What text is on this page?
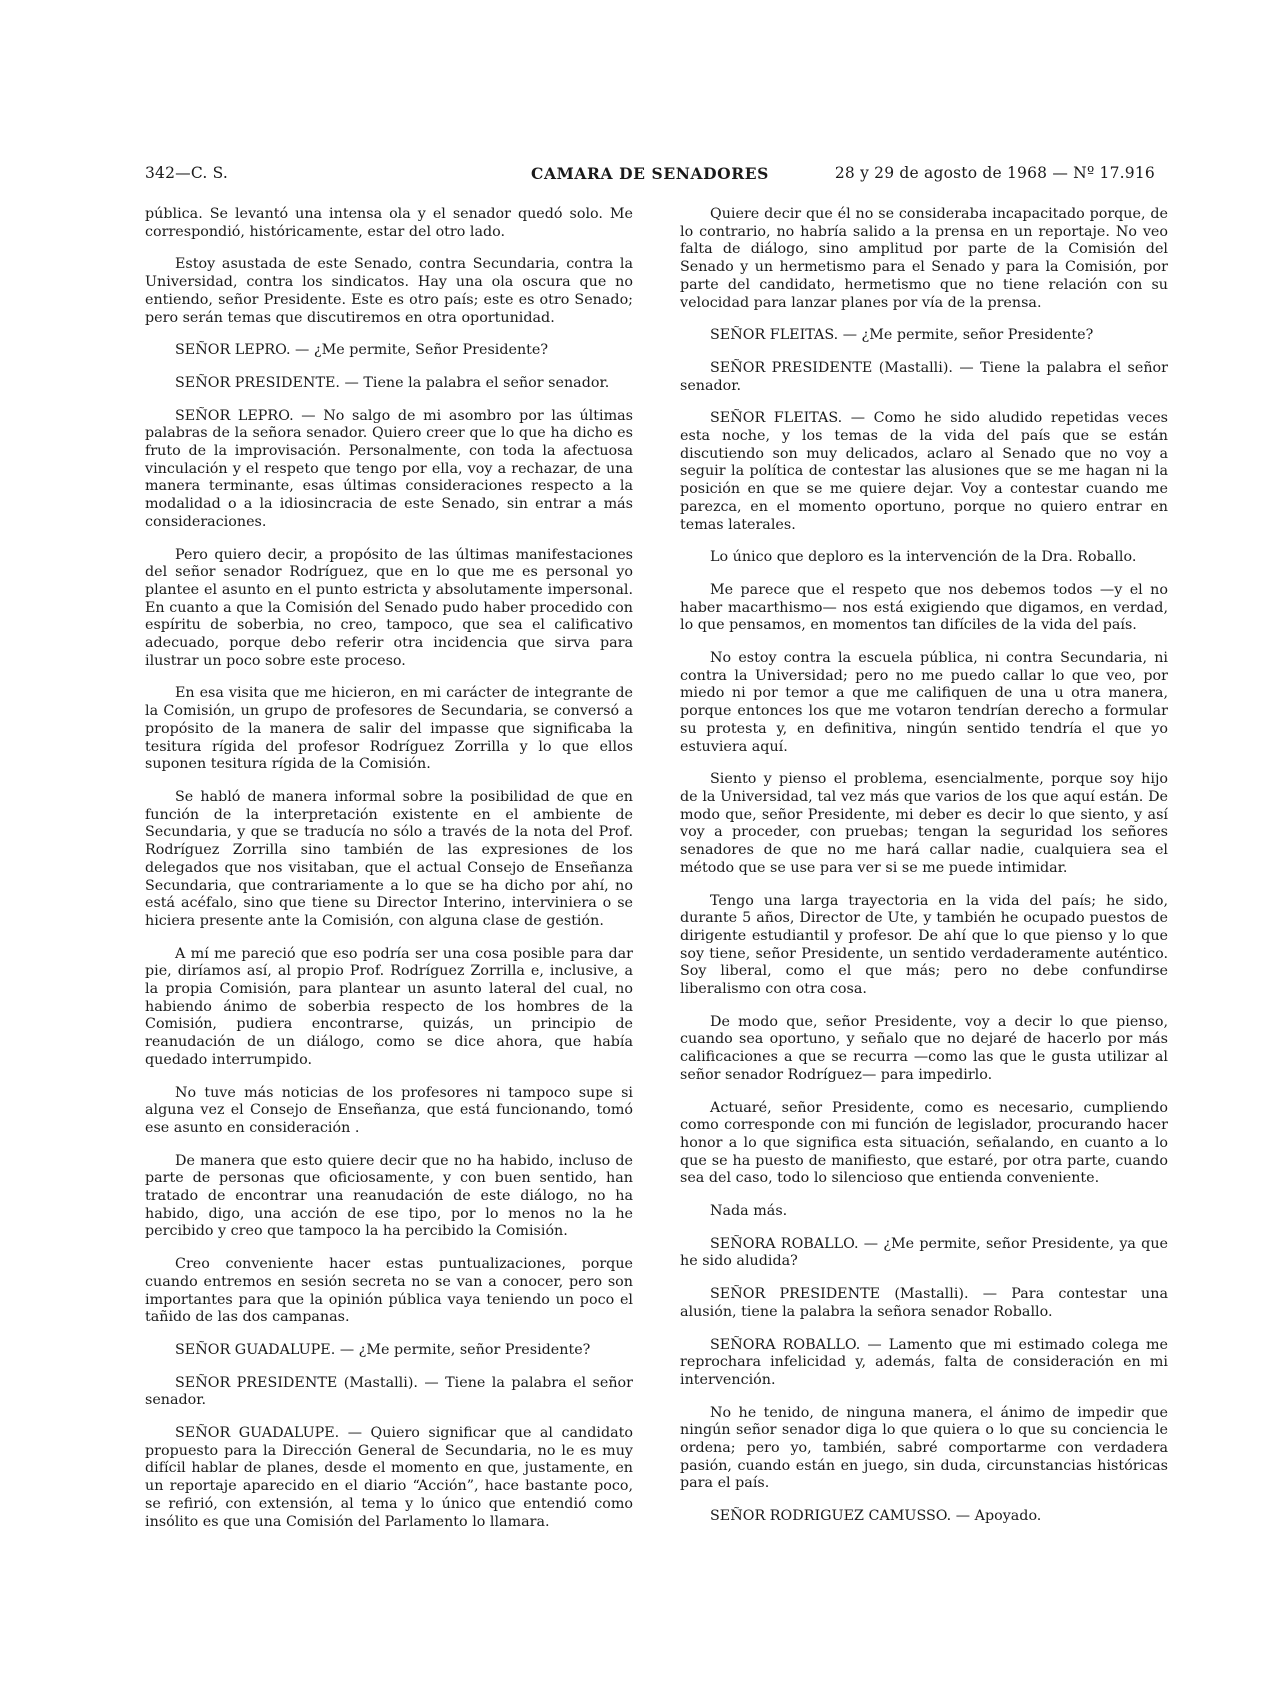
342—C. S.	CAMARA DE SENADORES	28 y 29 de agosto de 1968 — Nº 17.916

pública. Se levantó una intensa ola y el senador quedó solo. Me correspondió, históricamente, estar del otro lado.

Estoy asustada de este Senado, contra Secundaria, contra la Universidad, contra los sindicatos. Hay una ola oscura que no entiendo, señor Presidente. Este es otro país; este es otro Senado; pero serán temas que discutiremos en otra oportunidad.

SEÑOR LEPRO. — ¿Me permite, Señor Presidente?

SEÑOR PRESIDENTE. — Tiene la palabra el señor senador.

SEÑOR LEPRO. — No salgo de mi asombro por las últimas palabras de la señora senador. Quiero creer que lo que ha dicho es fruto de la improvisación. Personalmente, con toda la afectuosa vinculación y el respeto que tengo por ella, voy a rechazar, de una manera terminante, esas últimas consideraciones respecto a la modalidad o a la idiosincracia de este Senado, sin entrar a más consideraciones.

Pero quiero decir, a propósito de las últimas manifestaciones del señor senador Rodríguez, que en lo que me es personal yo plantee el asunto en el punto estricta y absolutamente impersonal. En cuanto a que la Comisión del Senado pudo haber procedido con espíritu de soberbia, no creo, tampoco, que sea el calificativo adecuado, porque debo referir otra incidencia que sirva para ilustrar un poco sobre este proceso.

En esa visita que me hicieron, en mi carácter de integrante de la Comisión, un grupo de profesores de Secundaria, se conversó a propósito de la manera de salir del impasse que significaba la tesitura rígida del profesor Rodríguez Zorrilla y lo que ellos suponen tesitura rígida de la Comisión.

Se habló de manera informal sobre la posibilidad de que en función de la interpretación existente en el ambiente de Secundaria, y que se traducía no sólo a través de la nota del Prof. Rodríguez Zorrilla sino también de las expresiones de los delegados que nos visitaban, que el actual Consejo de Enseñanza Secundaria, que contrariamente a lo que se ha dicho por ahí, no está acéfalo, sino que tiene su Director Interino, interviniera o se hiciera presente ante la Comisión, con alguna clase de gestión.

A mí me pareció que eso podría ser una cosa posible para dar pie, diríamos así, al propio Prof. Rodríguez Zorrilla e, inclusive, a la propia Comisión, para plantear un asunto lateral del cual, no habiendo ánimo de soberbia respecto de los hombres de la Comisión, pudiera encontrarse, quizás, un principio de reanudación de un diálogo, como se dice ahora, que había quedado interrumpido.

No tuve más noticias de los profesores ni tampoco supe si alguna vez el Consejo de Enseñanza, que está funcionando, tomó ese asunto en consideración .

De manera que esto quiere decir que no ha habido, incluso de parte de personas que oficiosamente, y con buen sentido, han tratado de encontrar una reanudación de este diálogo, no ha habido, digo, una acción de ese tipo, por lo menos no la he percibido y creo que tampoco la ha percibido la Comisión.

Creo conveniente hacer estas puntualizaciones, porque cuando entremos en sesión secreta no se van a conocer, pero son importantes para que la opinión pública vaya teniendo un poco el tañido de las dos campanas.

SEÑOR GUADALUPE. — ¿Me permite, señor Presidente?

SEÑOR PRESIDENTE (Mastalli). — Tiene la palabra el señor senador.

SEÑOR GUADALUPE. — Quiero significar que al candidato propuesto para la Dirección General de Secundaria, no le es muy difícil hablar de planes, desde el momento en que, justamente, en un reportaje aparecido en el diario “Acción”, hace bastante poco, se refirió, con extensión, al tema y lo único que entendió como insólito es que una Comisión del Parlamento lo llamara.

Quiere decir que él no se consideraba incapacitado porque, de lo contrario, no habría salido a la prensa en un reportaje. No veo falta de diálogo, sino amplitud por parte de la Comisión del Senado y un hermetismo para el Senado y para la Comisión, por parte del candidato, hermetismo que no tiene relación con su velocidad para lanzar planes por vía de la prensa.

SEÑOR FLEITAS. — ¿Me permite, señor Presidente?

SEÑOR PRESIDENTE (Mastalli). — Tiene la palabra el señor senador.

SEÑOR FLEITAS. — Como he sido aludido repetidas veces esta noche, y los temas de la vida del país que se están discutiendo son muy delicados, aclaro al Senado que no voy a seguir la política de contestar las alusiones que se me hagan ni la posición en que se me quiere dejar. Voy a contestar cuando me parezca, en el momento oportuno, porque no quiero entrar en temas laterales.

Lo único que deploro es la intervención de la Dra. Roballo.

Me parece que el respeto que nos debemos todos —y el no haber macarthismo— nos está exigiendo que digamos, en verdad, lo que pensamos, en momentos tan difíciles de la vida del país.

No estoy contra la escuela pública, ni contra Secundaria, ni contra la Universidad; pero no me puedo callar lo que veo, por miedo ni por temor a que me califiquen de una u otra manera, porque entonces los que me votaron tendrían derecho a formular su protesta y, en definitiva, ningún sentido tendría el que yo estuviera aquí.

Siento y pienso el problema, esencialmente, porque soy hijo de la Universidad, tal vez más que varios de los que aquí están. De modo que, señor Presidente, mi deber es decir lo que siento, y así voy a proceder, con pruebas; tengan la seguridad los señores senadores de que no me hará callar nadie, cualquiera sea el método que se use para ver si se me puede intimidar.

Tengo una larga trayectoria en la vida del país; he sido, durante 5 años, Director de Ute, y también he ocupado puestos de dirigente estudiantil y profesor. De ahí que lo que pienso y lo que soy tiene, señor Presidente, un sentido verdaderamente auténtico. Soy liberal, como el que más; pero no debe confundirse liberalismo con otra cosa.

De modo que, señor Presidente, voy a decir lo que pienso, cuando sea oportuno, y señalo que no dejaré de hacerlo por más calificaciones a que se recurra —como las que le gusta utilizar al señor senador Rodríguez— para impedirlo.

Actuaré, señor Presidente, como es necesario, cumpliendo como corresponde con mi función de legislador, procurando hacer honor a lo que significa esta situación, señalando, en cuanto a lo que se ha puesto de manifiesto, que estaré, por otra parte, cuando sea del caso, todo lo silencioso que entienda conveniente.

Nada más.

SEÑORA ROBALLO. — ¿Me permite, señor Presidente, ya que he sido aludida?

SEÑOR PRESIDENTE (Mastalli). — Para contestar una alusión, tiene la palabra la señora senador Roballo.

SEÑORA ROBALLO. — Lamento que mi estimado colega me reprochara infelicidad y, además, falta de consideración en mi intervención.

No he tenido, de ninguna manera, el ánimo de impedir que ningún señor senador diga lo que quiera o lo que su conciencia le ordena; pero yo, también, sabré comportarme con verdadera pasión, cuando están en juego, sin duda, circunstancias históricas para el país.

SEÑOR RODRIGUEZ CAMUSSO. — Apoyado.
